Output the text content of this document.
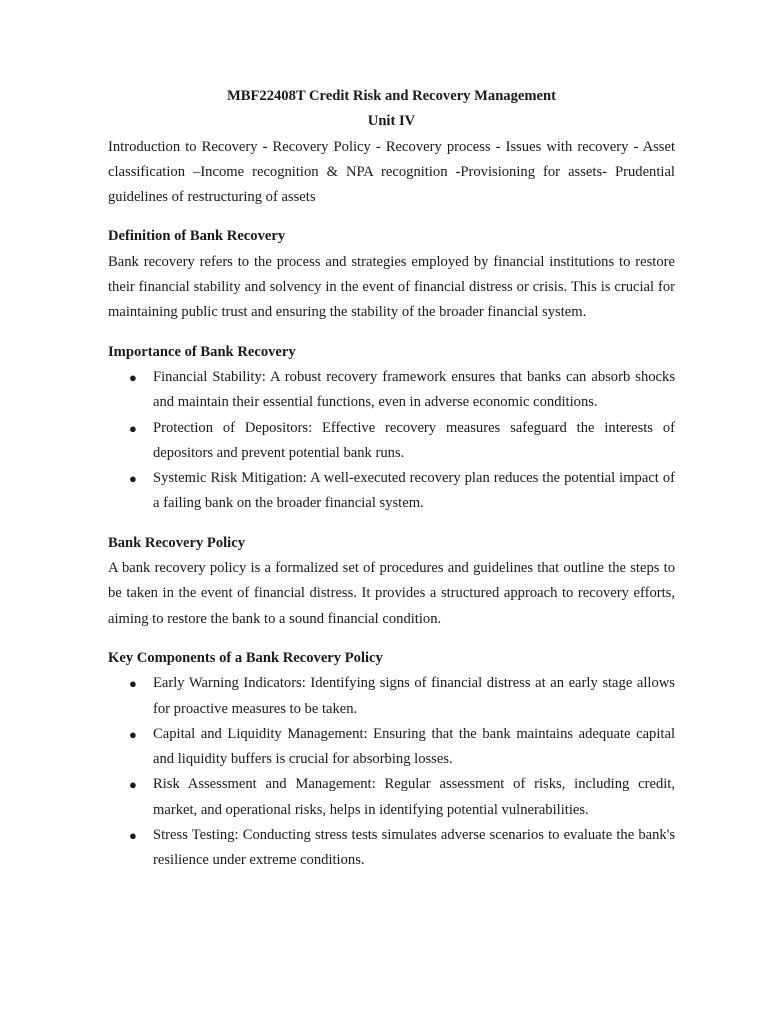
MBF22408T Credit Risk and Recovery Management

Unit IV

Introduction to Recovery - Recovery Policy - Recovery process - Issues with recovery - Asset classification –Income recognition & NPA recognition -Provisioning for assets- Prudential guidelines of restructuring of assets

Definition of Bank Recovery

Bank recovery refers to the process and strategies employed by financial institutions to restore their financial stability and solvency in the event of financial distress or crisis. This is crucial for maintaining public trust and ensuring the stability of the broader financial system.

Importance of Bank Recovery

● Financial Stability: A robust recovery framework ensures that banks can absorb shocks and maintain their essential functions, even in adverse economic conditions.
● Protection of Depositors: Effective recovery measures safeguard the interests of depositors and prevent potential bank runs.
● Systemic Risk Mitigation: A well-executed recovery plan reduces the potential impact of a failing bank on the broader financial system.

Bank Recovery Policy

A bank recovery policy is a formalized set of procedures and guidelines that outline the steps to be taken in the event of financial distress. It provides a structured approach to recovery efforts, aiming to restore the bank to a sound financial condition.

Key Components of a Bank Recovery Policy

● Early Warning Indicators: Identifying signs of financial distress at an early stage allows for proactive measures to be taken.
● Capital and Liquidity Management: Ensuring that the bank maintains adequate capital and liquidity buffers is crucial for absorbing losses.
● Risk Assessment and Management: Regular assessment of risks, including credit, market, and operational risks, helps in identifying potential vulnerabilities.
● Stress Testing: Conducting stress tests simulates adverse scenarios to evaluate the bank's resilience under extreme conditions.
